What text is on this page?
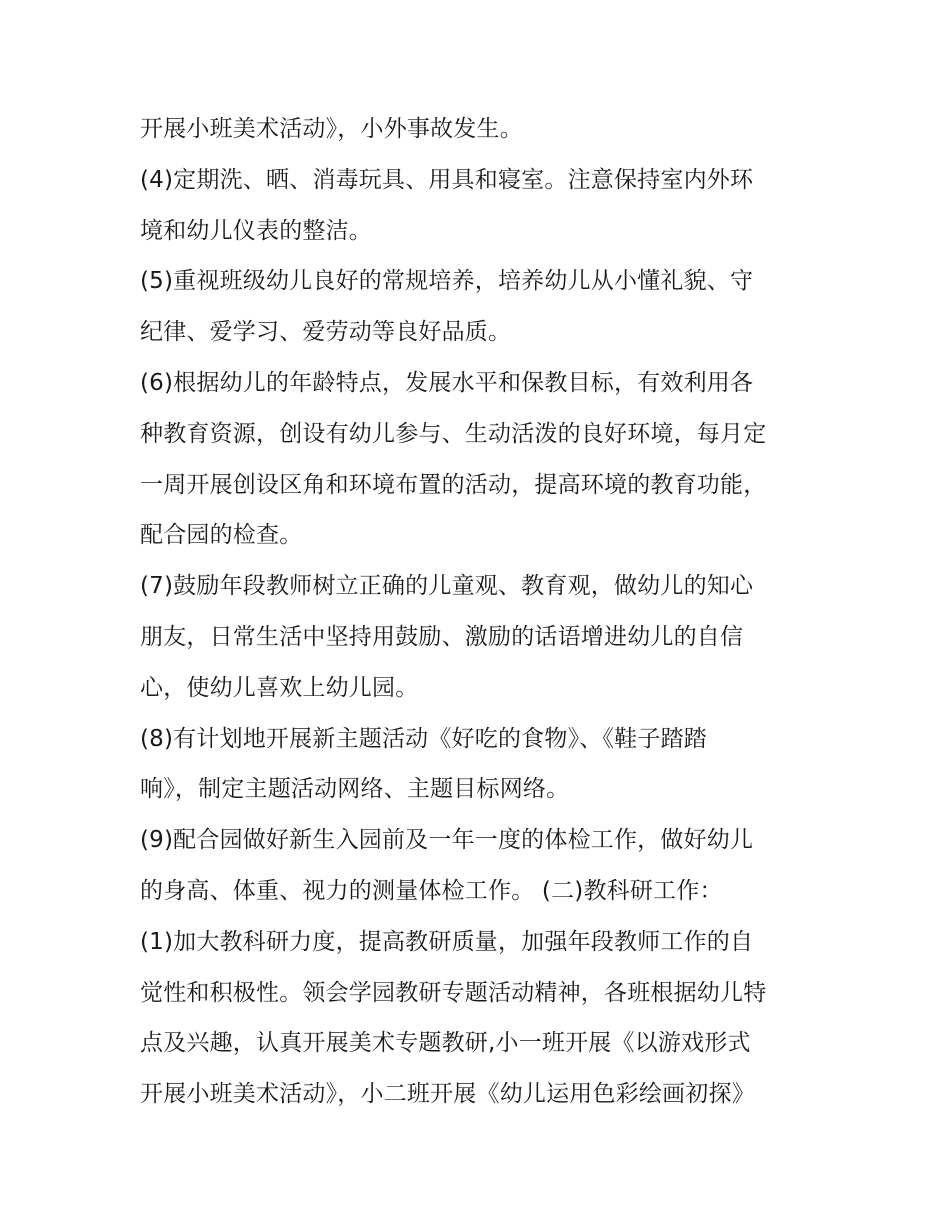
开展小班美术活动》，小外事故发生。
(4)定期洗、晒、消毒玩具、用具和寝室。注意保持室内外环
境和幼儿仪表的整洁。
(5)重视班级幼儿良好的常规培养，培养幼儿从小懂礼貌、守
纪律、爱学习、爱劳动等良好品质。
(6)根据幼儿的年龄特点，发展水平和保教目标，有效利用各
种教育资源，创设有幼儿参与、生动活泼的良好环境，每月定
一周开展创设区角和环境布置的活动，提高环境的教育功能，
配合园的检查。
(7)鼓励年段教师树立正确的儿童观、教育观，做幼儿的知心
朋友，日常生活中坚持用鼓励、激励的话语增进幼儿的自信
心，使幼儿喜欢上幼儿园。
(8)有计划地开展新主题活动《好吃的食物》、《鞋子踏踏
响》，制定主题活动网络、主题目标网络。
(9)配合园做好新生入园前及一年一度的体检工作，做好幼儿
的身高、体重、视力的测量体检工作。 (二)教科研工作：
(1)加大教科研力度，提高教研质量，加强年段教师工作的自
觉性和积极性。领会学园教研专题活动精神，各班根据幼儿特
点及兴趣，认真开展美术专题教研,小一班开展《以游戏形式
开展小班美术活动》，小二班开展《幼儿运用色彩绘画初探》
